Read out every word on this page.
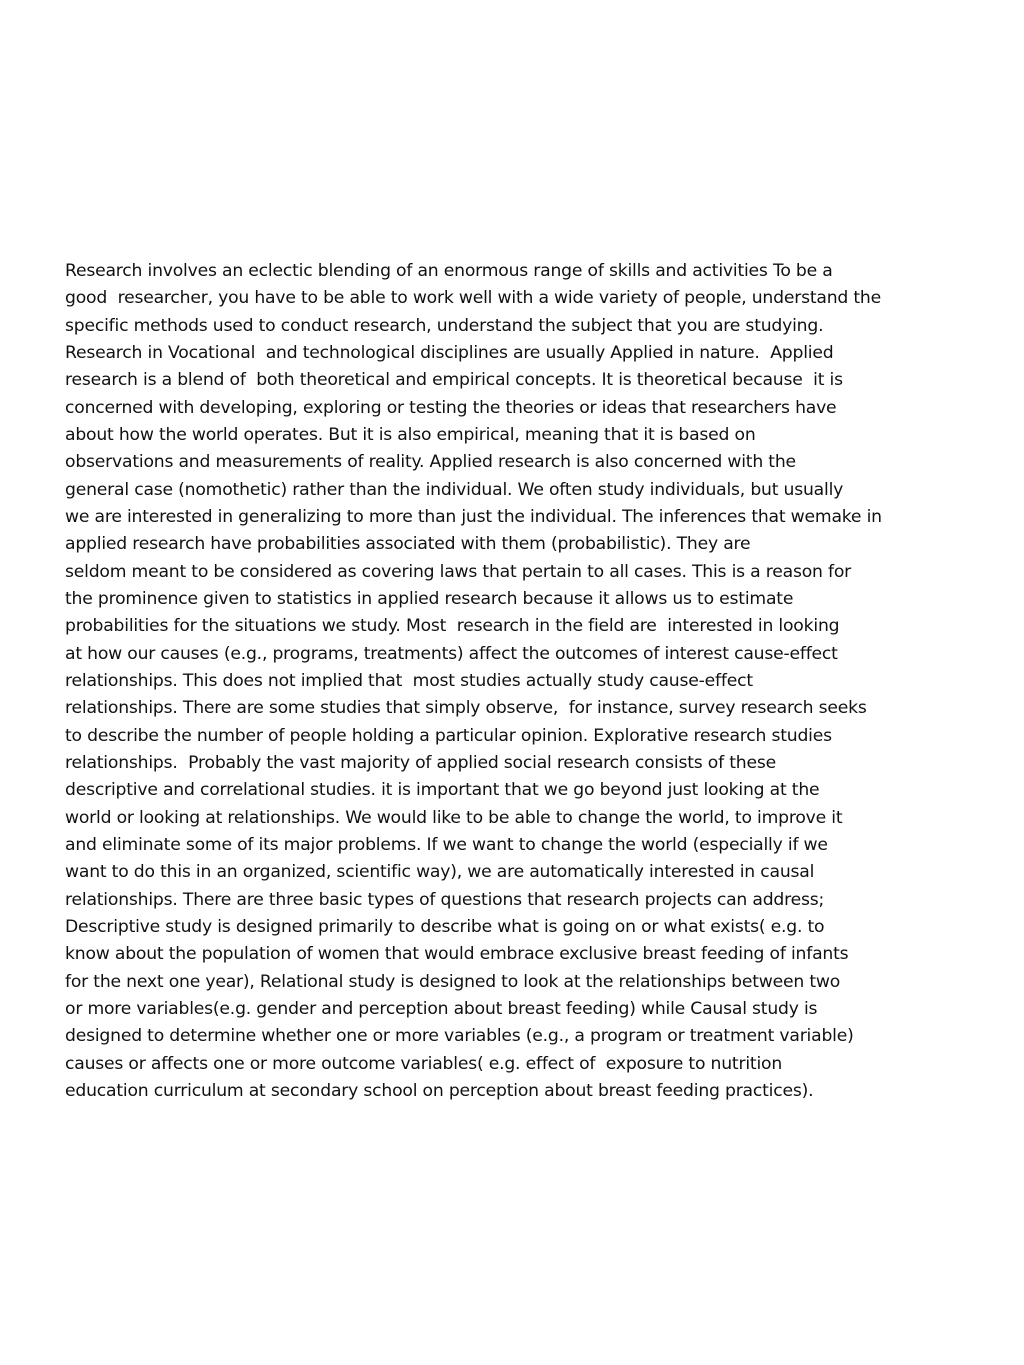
Research involves an eclectic blending of an enormous range of skills and activities To be a
good  researcher, you have to be able to work well with a wide variety of people, understand the
specific methods used to conduct research, understand the subject that you are studying.
Research in Vocational  and technological disciplines are usually Applied in nature.  Applied
research is a blend of  both theoretical and empirical concepts. It is theoretical because  it is
concerned with developing, exploring or testing the theories or ideas that researchers have
about how the world operates. But it is also empirical, meaning that it is based on
observations and measurements of reality. Applied research is also concerned with the
general case (nomothetic) rather than the individual. We often study individuals, but usually
we are interested in generalizing to more than just the individual. The inferences that wemake in
applied research have probabilities associated with them (probabilistic). They are
seldom meant to be considered as covering laws that pertain to all cases. This is a reason for
the prominence given to statistics in applied research because it allows us to estimate
probabilities for the situations we study. Most  research in the field are  interested in looking
at how our causes (e.g., programs, treatments) affect the outcomes of interest cause-effect
relationships. This does not implied that  most studies actually study cause-effect
relationships. There are some studies that simply observe,  for instance, survey research seeks
to describe the number of people holding a particular opinion. Explorative research studies
relationships.  Probably the vast majority of applied social research consists of these
descriptive and correlational studies. it is important that we go beyond just looking at the
world or looking at relationships. We would like to be able to change the world, to improve it
and eliminate some of its major problems. If we want to change the world (especially if we
want to do this in an organized, scientific way), we are automatically interested in causal
relationships. There are three basic types of questions that research projects can address;
Descriptive study is designed primarily to describe what is going on or what exists( e.g. to
know about the population of women that would embrace exclusive breast feeding of infants
for the next one year), Relational study is designed to look at the relationships between two
or more variables(e.g. gender and perception about breast feeding) while Causal study is
designed to determine whether one or more variables (e.g., a program or treatment variable)
causes or affects one or more outcome variables( e.g. effect of  exposure to nutrition
education curriculum at secondary school on perception about breast feeding practices).
